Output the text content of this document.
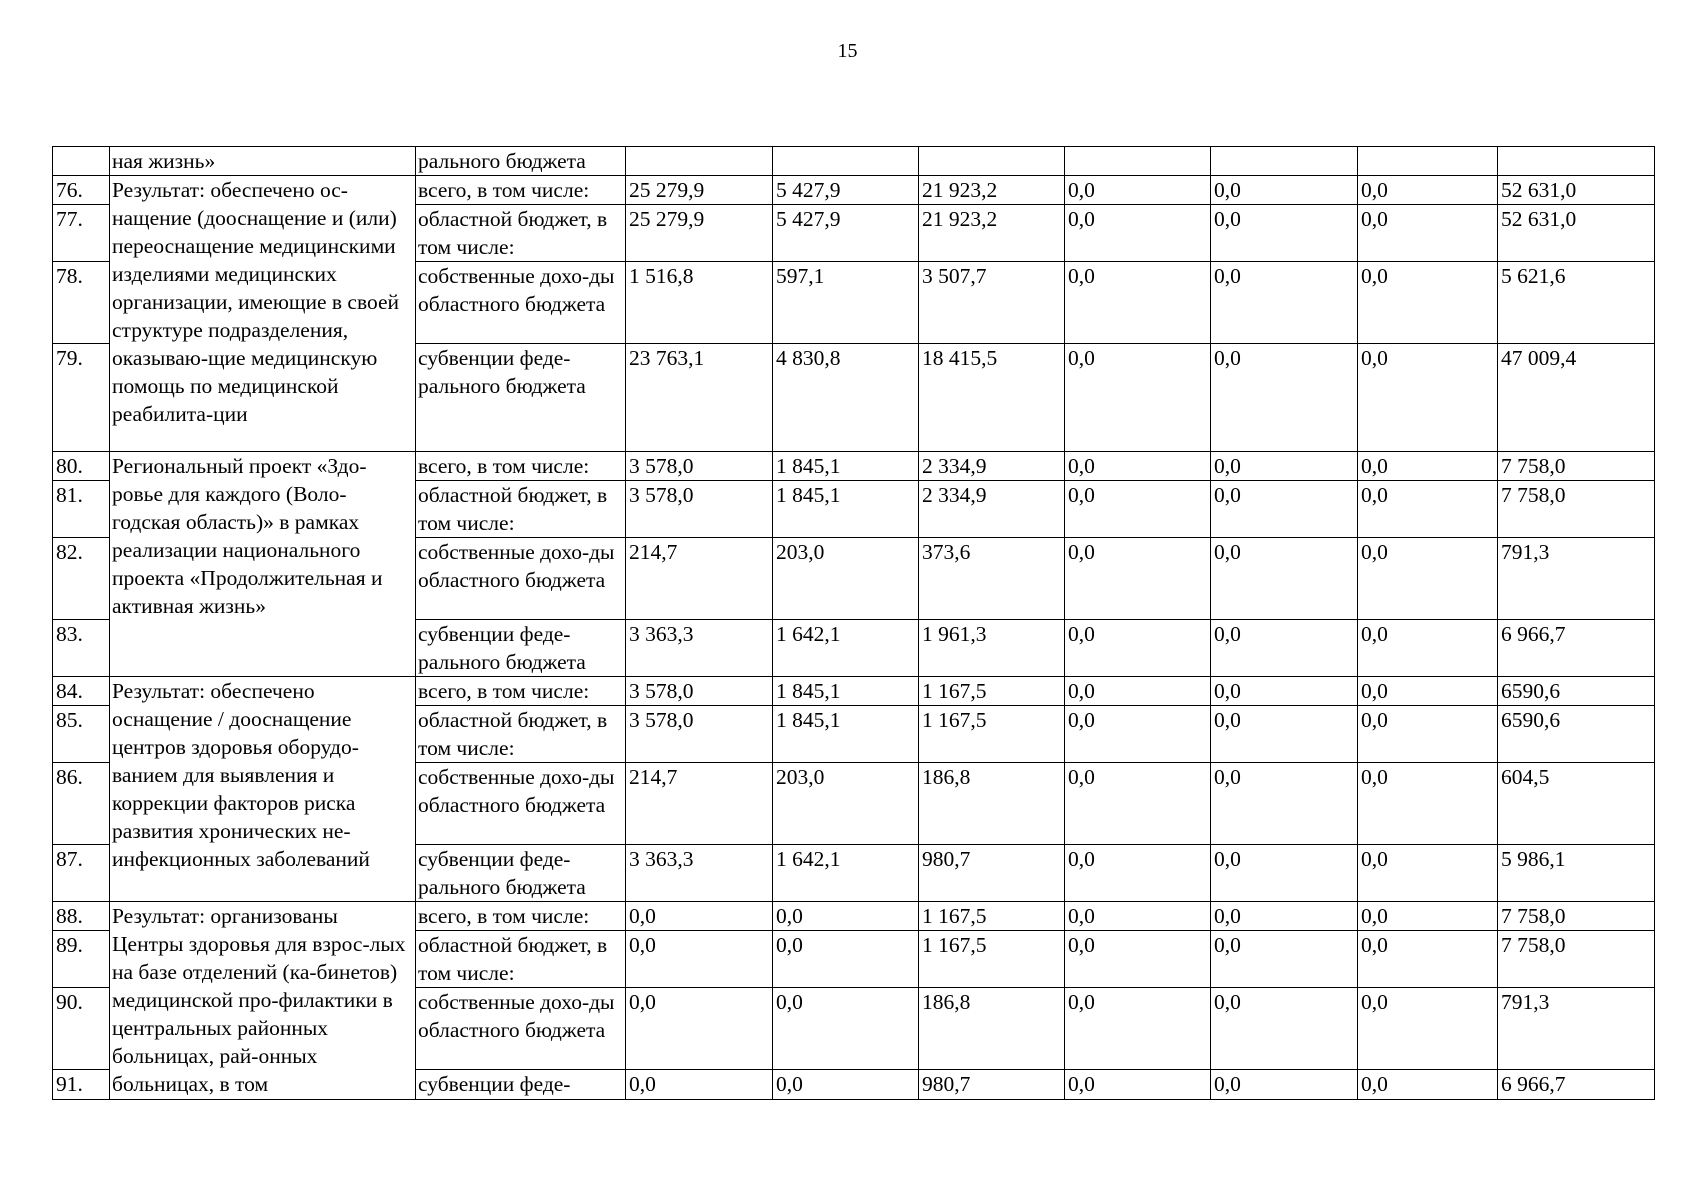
15
	ная жизнь»	рального бюджета							
76.	Результат: обеспечено ос-нащение (дооснащение и (или) переоснащение медицинскими изделиями медицинских организации, имеющие в своей структуре подразделения, оказываю-щие медицинскую помощь по медицинской реабилита-ции	всего, в том числе:	25 279,9	5 427,9	21 923,2	0,0	0,0	0,0	52 631,0
77.		областной бюджет, в том числе:	25 279,9	5 427,9	21 923,2	0,0	0,0	0,0	52 631,0
78.		собственные дохо-ды областного бюджета	1 516,8	597,1	3 507,7	0,0	0,0	0,0	5 621,6
79.		субвенции феде-рального бюджета	23 763,1	4 830,8	18 415,5	0,0	0,0	0,0	47 009,4
80.	Региональный проект «Здо-ровье для каждого (Воло-годская область)» в рамках реализации национального проекта «Продолжительная и активная жизнь»	всего, в том числе:	3 578,0	1 845,1	2 334,9	0,0	0,0	0,0	7 758,0
81.		областной бюджет, в том числе:	3 578,0	1 845,1	2 334,9	0,0	0,0	0,0	7 758,0
82.		собственные дохо-ды областного бюджета	214,7	203,0	373,6	0,0	0,0	0,0	791,3
83.		субвенции феде-рального бюджета	3 363,3	1 642,1	1 961,3	0,0	0,0	0,0	6 966,7
84.	Результат: обеспечено оснащение / дооснащение центров здоровья оборудо-ванием для выявления и коррекции факторов риска развития хронических не-инфекционных заболеваний	всего, в том числе:	3 578,0	1 845,1	1 167,5	0,0	0,0	0,0	6590,6
85.		областной бюджет, в том числе:	3 578,0	1 845,1	1 167,5	0,0	0,0	0,0	6590,6
86.		собственные дохо-ды областного бюджета	214,7	203,0	186,8	0,0	0,0	0,0	604,5
87.		субвенции феде-рального бюджета	3 363,3	1 642,1	980,7	0,0	0,0	0,0	5 986,1
88.	Результат: организованы Центры здоровья для взрос-лых на базе отделений (ка-бинетов) медицинской про-филактики в центральных районных больницах, рай-онных больницах, в том	всего, в том числе:	0,0	0,0	1 167,5	0,0	0,0	0,0	7 758,0
89.		областной бюджет, в том числе:	0,0	0,0	1 167,5	0,0	0,0	0,0	7 758,0
90.		собственные дохо-ды областного бюджета	0,0	0,0	186,8	0,0	0,0	0,0	791,3
91.		субвенции феде-	0,0	0,0	980,7	0,0	0,0	0,0	6 966,7
